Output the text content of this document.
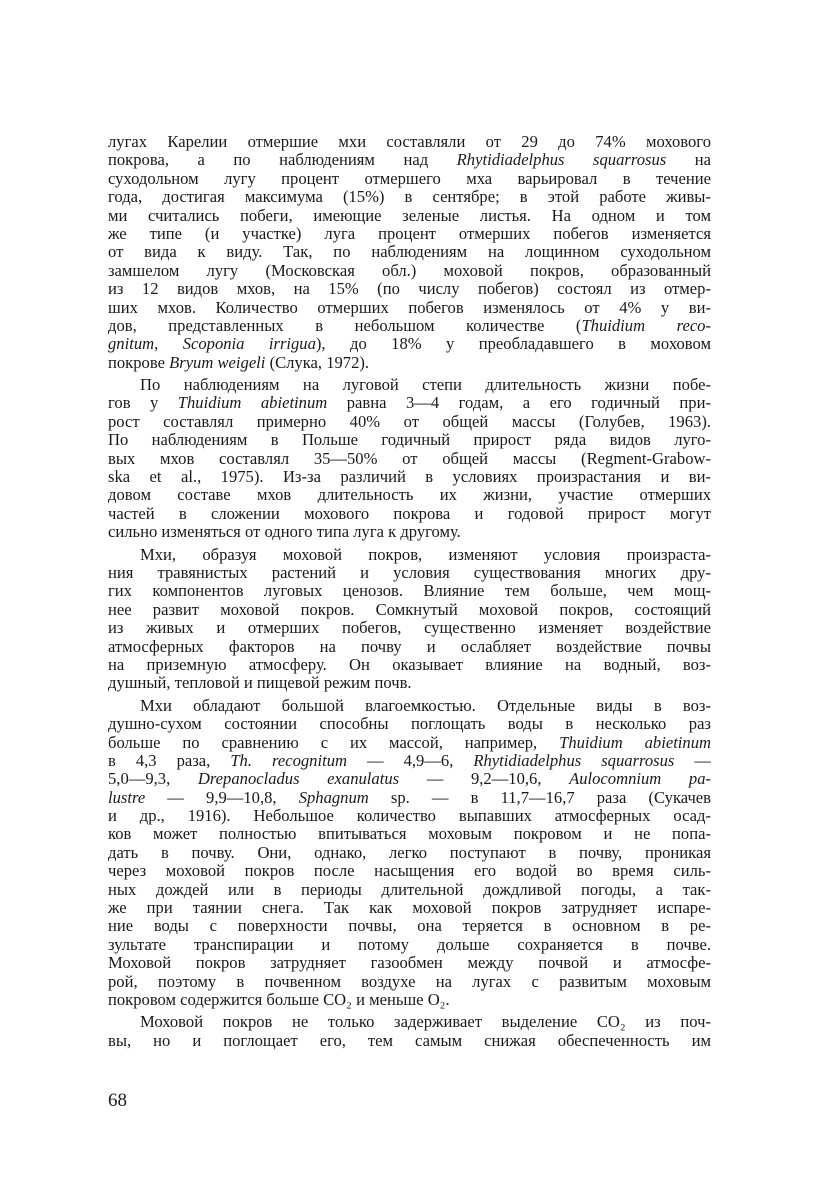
лугах Карелии отмершие мхи составляли от 29 до 74% мохового
покрова, а по наблюдениям над Rhytidiadelphus squarrosus на
суходольном лугу процент отмершего мха варьировал в течение
года, достигая максимума (15%) в сентябре; в этой работе живы-
ми считались побеги, имеющие зеленые листья. На одном и том
же типе (и участке) луга процент отмерших побегов изменяется
от вида к виду. Так, по наблюдениям на лощинном суходольном
замшелом лугу (Московская обл.) моховой покров, образованный
из 12 видов мхов, на 15% (по числу побегов) состоял из отмер-
ших мхов. Количество отмерших побегов изменялось от 4% у ви-
дов, представленных в небольшом количестве (Thuidium reco-
gnitum, Scoponia irrigua), до 18% у преобладавшего в моховом
покрове Bryum weigeli (Слука, 1972).
По наблюдениям на луговой степи длительность жизни побе-
гов у Thuidium abietinum равна 3—4 годам, а его годичный при-
рост составлял примерно 40% от общей массы (Голубев, 1963).
По наблюдениям в Польше годичный прирост ряда видов луго-
вых мхов составлял 35—50% от общей массы (Regment-Grabow-
ska et al., 1975). Из-за различий в условиях произрастания и ви-
довом составе мхов длительность их жизни, участие отмерших
частей в сложении мохового покрова и годовой прирост могут
сильно изменяться от одного типа луга к другому.
Мхи, образуя моховой покров, изменяют условия произраста-
ния травянистых растений и условия существования многих дру-
гих компонентов луговых ценозов. Влияние тем больше, чем мощ-
нее развит моховой покров. Сомкнутый моховой покров, состоящий
из живых и отмерших побегов, существенно изменяет воздействие
атмосферных факторов на почву и ослабляет воздействие почвы
на приземную атмосферу. Он оказывает влияние на водный, воз-
душный, тепловой и пищевой режим почв.
Мхи обладают большой влагоемкостью. Отдельные виды в воз-
душно-сухом состоянии способны поглощать воды в несколько раз
больше по сравнению с их массой, например, Thuidium abietinum
в 4,3 раза, Th. recognitum — 4,9—6, Rhytidiadelphus squarrosus —
5,0—9,3, Drepanocladus exanulatus — 9,2—10,6, Aulocomnium pa-
lustre — 9,9—10,8, Sphagnum sp. — в 11,7—16,7 раза (Сукачев
и др., 1916). Небольшое количество выпавших атмосферных осад-
ков может полностью впитываться моховым покровом и не попа-
дать в почву. Они, однако, легко поступают в почву, проникая
через моховой покров после насыщения его водой во время силь-
ных дождей или в периоды длительной дождливой погоды, а так-
же при таянии снега. Так как моховой покров затрудняет испаре-
ние воды с поверхности почвы, она теряется в основном в ре-
зультате транспирации и потому дольше сохраняется в почве.
Моховой покров затрудняет газообмен между почвой и атмосфе-
рой, поэтому в почвенном воздухе на лугах с развитым моховым
покровом содержится больше CO₂ и меньше O₂.
Моховой покров не только задерживает выделение CO₂ из поч-
вы, но и поглощает его, тем самым снижая обеспеченность им
68
